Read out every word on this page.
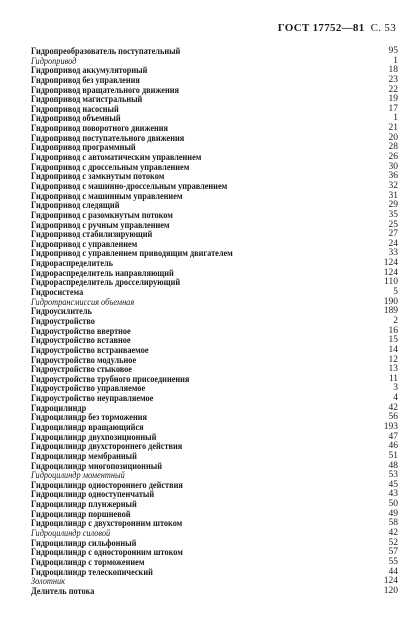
ГОСТ 17752—81 С. 53
Гидропреобразователь поступательный	95
Гидропривод	1
Гидропривод аккумуляторный	18
Гидропривод без управления	23
Гидропривод вращательного движения	22
Гидропривод магистральный	19
Гидропривод насосный	17
Гидропривод объемный	1
Гидропривод поворотного движения	21
Гидропривод поступательного движения	20
Гидропривод программный	28
Гидропривод с автоматическим управлением	26
Гидропривод с дроссельным управлением	30
Гидропривод с замкнутым потоком	36
Гидропривод с машинно-дроссельным управлением	32
Гидропривод с машинным управлением	31
Гидропривод следящий	29
Гидропривод с разомкнутым потоком	35
Гидропривод с ручным управлением	25
Гидропривод стабилизирующий	27
Гидропривод с управлением	24
Гидропривод с управлением приводящим двигателем	33
Гидрораспределитель	124
Гидрораспределитель направляющий	124
Гидрораспределитель дросселирующий	110
Гидросистема	5
Гидротрансмиссия объемная	190
Гидроусилитель	189
Гидроустройство	2
Гидроустройство ввертное	16
Гидроустройство вставное	15
Гидроустройство встраиваемое	14
Гидроустройство модульное	12
Гидроустройство стыковое	13
Гидроустройство трубного присоединения	11
Гидроустройство управляемое	3
Гидроустройство неуправляемое	4
Гидроцилиндр	42
Гидроцилиндр без торможения	56
Гидроцилиндр вращающийся	193
Гидроцилиндр двухпозиционный	47
Гидроцилиндр двухстороннего действия	46
Гидроцилиндр мембранный	51
Гидроцилиндр многопозиционный	48
Гидроцилиндр моментный	53
Гидроцилиндр одностороннего действия	45
Гидроцилиндр одноступенчатый	43
Гидроцилиндр плунжерный	50
Гидроцилиндр поршневой	49
Гидроцилиндр с двухсторонним штоком	58
Гидроцилиндр силовой	42
Гидроцилиндр сильфонный	52
Гидроцилиндр с односторонним штоком	57
Гидроцилиндр с торможением	55
Гидроцилиндр телескопический	44
Золотник	124
Делитель потока	120
